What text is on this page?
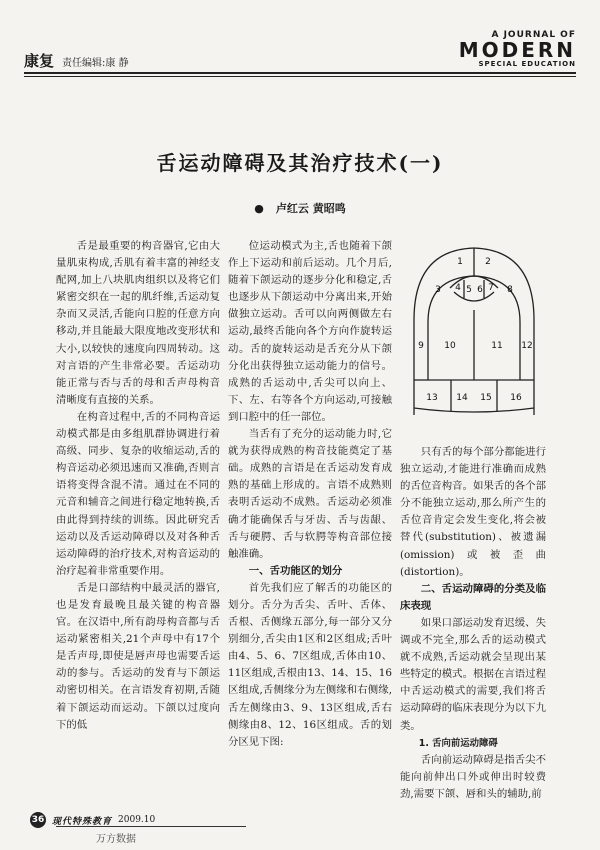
康复 责任编辑:康 静
A JOURNAL OF
MODERN
SPECIAL EDUCATION
舌运动障碍及其治疗技术(一)
● 卢红云 黄昭鸣

舌是最重要的构音器官,它由大量肌束构成,舌肌有着丰富的神经支配网,加上八块肌肉组织以及将它们紧密交织在一起的肌纤维,舌运动复杂而又灵活,舌能向口腔的任意方向移动,并且能最大限度地改变形状和大小,以较快的速度向四周转动。这对言语的产生非常必要。舌运动功能正常与否与舌的母和舌声母构音清晰度有直接的关系。

在构音过程中,舌的不同构音运动模式都是由多组肌群协调进行着高级、同步、复杂的收缩运动,舌的构音运动必须迅速而又准确,否则言语将变得含混不清。通过在不同的元音和辅音之间进行稳定地转换,舌由此得到持续的训练。因此研究舌运动以及舌运动障碍以及对各种舌运动障碍的治疗技术,对构音运动的治疗起着非常重要作用。

舌是口部结构中最灵活的器官,也是发育最晚且最关键的构音器官。在汉语中,所有韵母构音都与舌运动紧密相关,21个声母中有17个是舌声母,即使是唇声母也需要舌运动的参与。舌运动的发育与下颌运动密切相关。在言语发育初期,舌随着下颌运动而运动。下颌以过度向下的低

位运动模式为主,舌也随着下颌作上下运动和前后运动。几个月后,随着下颌运动的逐步分化和稳定,舌也逐步从下颌运动中分离出来,开始做独立运动。舌可以向两侧做左右运动,最终舌能向各个方向作旋转运动。舌的旋转运动是舌充分从下颌分化出获得独立运动能力的信号。成熟的舌运动中,舌尖可以向上、下、左、右等各个方向运动,可接触到口腔中的任一部位。

当舌有了充分的运动能力时,它就为获得成熟的构音技能奠定了基础。成熟的言语是在舌运动发育成熟的基础上形成的。言语不成熟则表明舌运动不成熟。舌运动必须准确才能确保舌与牙齿、舌与齿龈、舌与硬腭、舌与软腭等构音部位接触准确。

一、舌功能区的划分

首先我们应了解舌的功能区的划分。舌分为舌尖、舌叶、舌体、舌根、舌侧缘五部分,每一部分又分别细分,舌尖由1区和2区组成;舌叶由4、5、6、7区组成,舌体由10、11区组成,舌根由13、14、15、16区组成,舌侧缘分为左侧缘和右侧缘,舌左侧缘由3、9、13区组成,舌右侧缘由8、12、16区组成。舌的划分区见下图:

1 2
3 4 5 6 7 8
9 10	11 12
13 14 15 16

只有舌的每个部分都能进行独立运动,才能进行准确而成熟的舌位音构音。如果舌的各个部分不能独立运动,那么所产生的舌位音肯定会发生变化,将会被替代(substitution)、被遗漏(omission)或被歪曲(distortion)。

二、舌运动障碍的分类及临床表现

如果口部运动发育迟缓、失调或不完全,那么舌的运动模式就不成熟,舌运动就会呈现出某些特定的模式。根据在言语过程中舌运动模式的需要,我们将舌运动障碍的临床表现分为以下九类。

1. 舌向前运动障碍

舌向前运动障碍是指舌尖不能向前伸出口外或伸出时较费劲,需要下颌、唇和头的辅助,前

36 现代特殊教育 2009.10
万方数据
